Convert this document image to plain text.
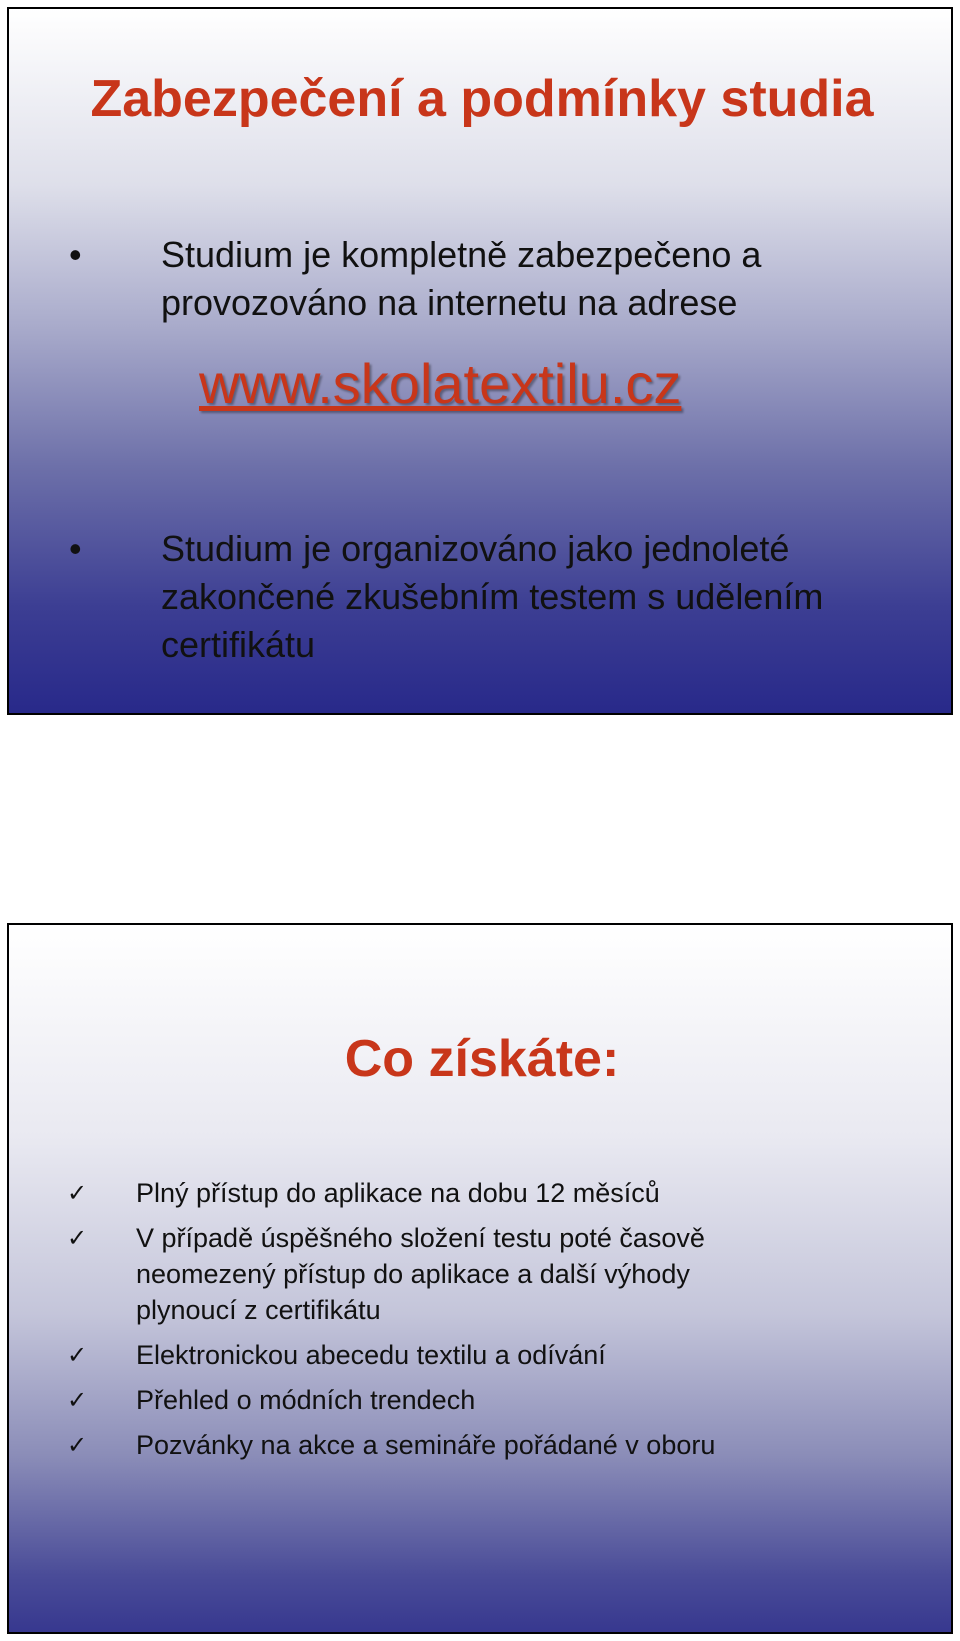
Zabezpečení a podmínky studia
•	Studium je kompletně zabezpečeno a
provozováno na internetu na adrese
www.skolatextilu.cz
•	Studium je organizováno jako jednoleté
zakončené zkušebním testem s udělením
certifikátu
Co získáte:
✓ Plný přístup do aplikace na dobu 12 měsíců
✓ V případě úspěšného složení testu poté časově
neomezený přístup do aplikace a další výhody
plynoucí z certifikátu
✓ Elektronickou abecedu textilu a odívání
✓ Přehled o módních trendech
✓ Pozvánky na akce a semináře pořádané v oboru
